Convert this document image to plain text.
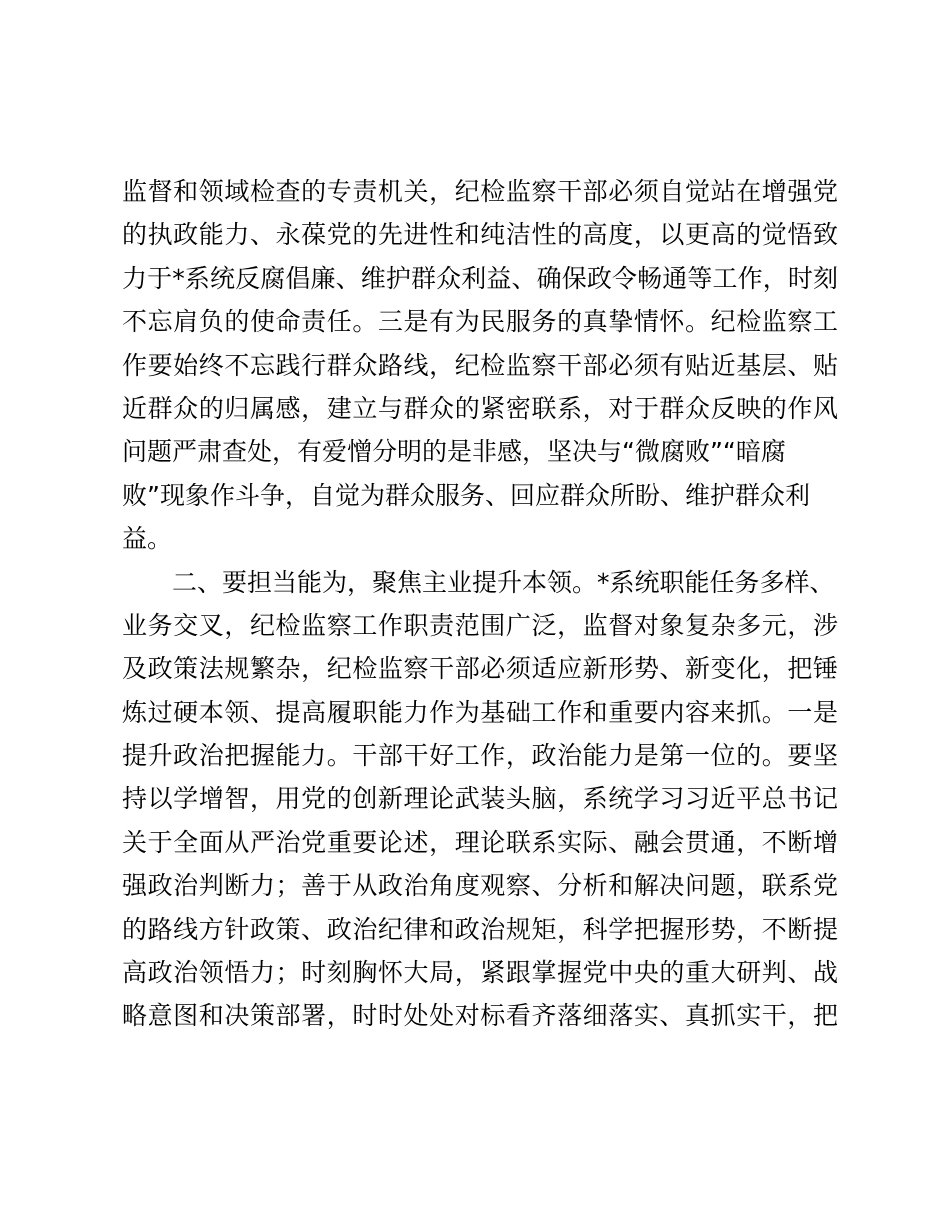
监督和领域检查的专责机关，纪检监察干部必须自觉站在增强党
的执政能力、永葆党的先进性和纯洁性的高度，以更高的觉悟致
力于*系统反腐倡廉、维护群众利益、确保政令畅通等工作，时刻
不忘肩负的使命责任。三是有为民服务的真挚情怀。纪检监察工
作要始终不忘践行群众路线，纪检监察干部必须有贴近基层、贴
近群众的归属感，建立与群众的紧密联系，对于群众反映的作风
问题严肃查处，有爱憎分明的是非感，坚决与“微腐败”“暗腐
败”现象作斗争，自觉为群众服务、回应群众所盼、维护群众利
益。
二、要担当能为，聚焦主业提升本领。*系统职能任务多样、
业务交叉，纪检监察工作职责范围广泛，监督对象复杂多元，涉
及政策法规繁杂，纪检监察干部必须适应新形势、新变化，把锤
炼过硬本领、提高履职能力作为基础工作和重要内容来抓。一是
提升政治把握能力。干部干好工作，政治能力是第一位的。要坚
持以学增智，用党的创新理论武装头脑，系统学习习近平总书记
关于全面从严治党重要论述，理论联系实际、融会贯通，不断增
强政治判断力；善于从政治角度观察、分析和解决问题，联系党
的路线方针政策、政治纪律和政治规矩，科学把握形势，不断提
高政治领悟力；时刻胸怀大局，紧跟掌握党中央的重大研判、战
略意图和决策部署，时时处处对标看齐落细落实、真抓实干，把
